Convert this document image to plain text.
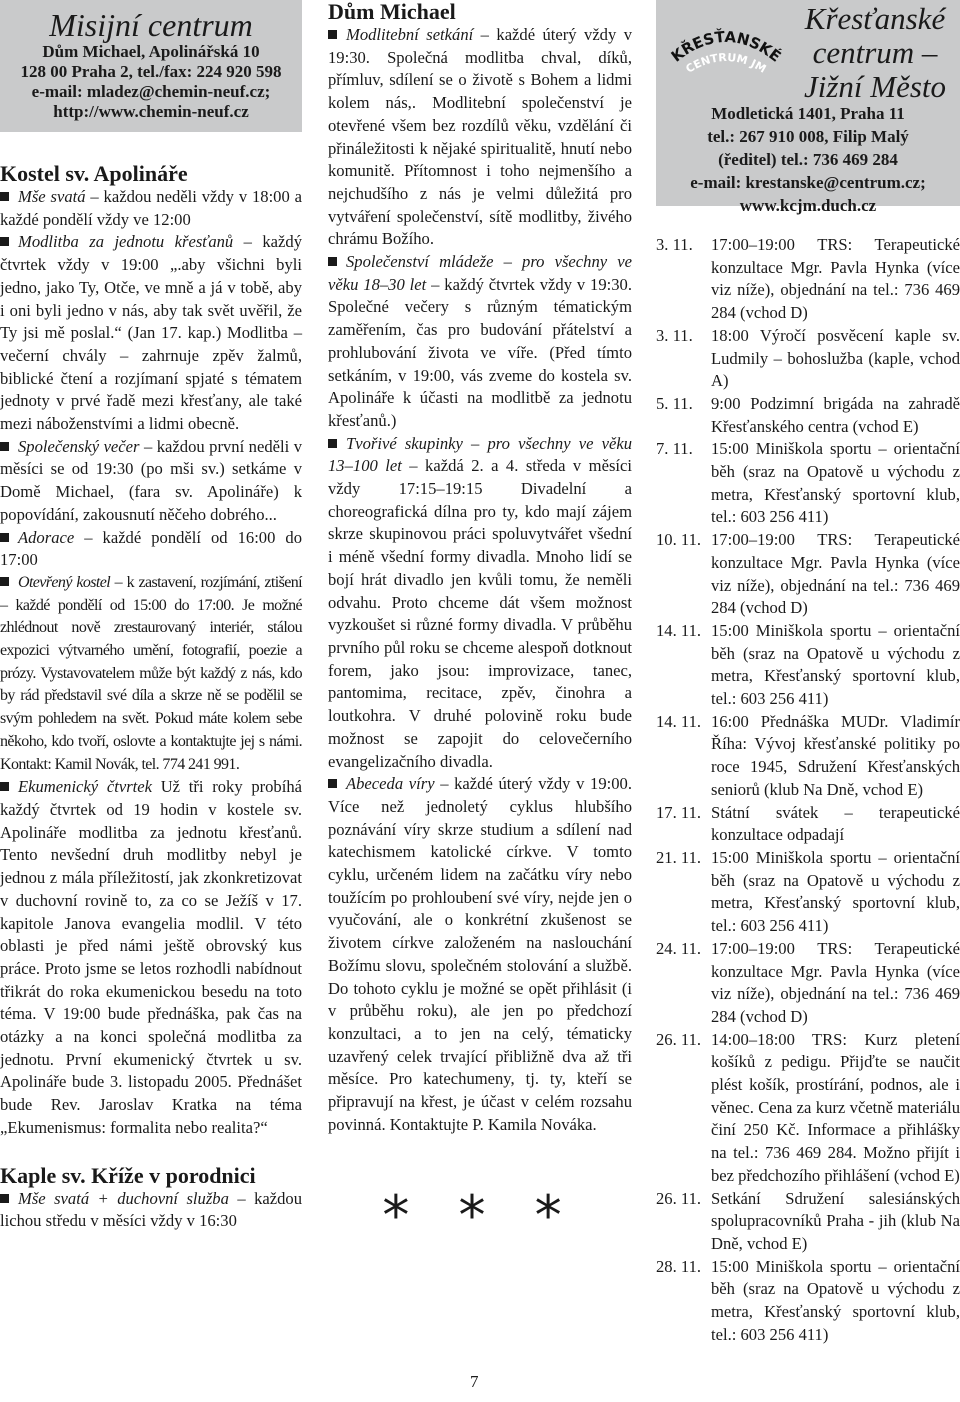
Misijní centrum
Dům Michael, Apolinářská 10
128 00 Praha 2, tel./fax: 224 920 598
e-mail: mladez@chemin-neuf.cz;
http://www.chemin-neuf.cz
Kostel sv. Apolináře

Mše svatá – každou neděli vždy v 18:00 a každé pondělí vždy ve 12:00

Modlitba za jednotu křesťanů – každý čtvrtek vždy v 19:00 „.aby všichni byli jedno, jako Ty, Otče, ve mně a já v tobě, aby i oni byli jedno v nás, aby tak svět uvěřil, že Ty jsi mě poslal.“ (Jan 17. kap.) Modlitba – večerní chvály – zahrnuje zpěv žalmů, biblické čtení a rozjímaní spjaté s tématem jednoty v prvé řadě mezi křesťany, ale také mezi náboženstvími a lidmi obecně.

Společenský večer – každou první neděli v měsíci se od 19:30 (po mši sv.) setkáme v Domě Michael, (fara sv. Apolináře) k popovídání, zakousnutí něčeho dobrého...

Adorace – každé pondělí od 16:00 do 17:00

Otevřený kostel – k zastavení, rozjímání, ztišení – každé pondělí od 15:00 do 17:00. Je možné zhlédnout nově zrestaurovaný interiér, stálou expozici výtvarného umění, fotografií, poezie a prózy. Vystavovatelem může být každý z nás, kdo by rád představil své díla a skrze ně se podělil se svým pohledem na svět. Pokud máte kolem sebe někoho, kdo tvoří, oslovte a kontaktujte jej s námi. Kontakt: Kamil Novák, tel. 774 241 991.

Ekumenický čtvrtek Už tři roky probíhá každý čtvrtek od 19 hodin v kostele sv. Apolináře modlitba za jednotu křesťanů. Tento nevšední druh modlitby nebyl je jednou z mála příležitostí, jak zkonkretizovat v duchovní rovině to, za co se Ježíš v 17. kapitole Janova evangelia modlil. V této oblasti je před námi ještě obrovský kus práce. Proto jsme se letos rozhodli nabídnout třikrát do roka ekumenickou besedu na toto téma. V 19:00 bude přednáška, pak čas na otázky a na konci společná modlitba za jednotu. První ekumenický čtvrtek u sv. Apolináře bude 3. listopadu 2005. Přednášet bude Rev. Jaroslav Kratka na téma „Ekumenismus: formalita nebo realita?“

Kaple sv. Kříže v porodnici

Mše svatá + duchovní služba – každou lichou středu v měsíci vždy v 16:30

Dům Michael

Modlitební setkání – každé úterý vždy v 19:30. Společná modlitba chval, díků, přímluv, sdílení se o životě s Bohem a lidmi kolem nás,. Modlitební společenství je otevřené všem bez rozdílů věku, vzdělání či přináležitosti k nějaké spiritualitě, hnutí nebo komunitě. Přítomnost i toho nejmenšího a nejchudšího z nás je velmi důležitá pro vytváření společenství, sítě modlitby, živého chrámu Božího.

Společenství mládeže – pro všechny ve věku 18–30 let – každý čtvrtek vždy v 19:30. Společné večery s různým tématickým zaměřením, čas pro budování přátelství a prohlubování života ve víře. (Před tímto setkáním, v 19:00, vás zveme do kostela sv. Apolináře k účasti na modlitbě za jednotu křesťanů.)

Tvořivé skupinky – pro všechny ve věku 13–100 let – každá 2. a 4. středa v měsíci vždy 17:15–19:15 Divadelní a choreografická dílna pro ty, kdo mají zájem skrze skupinovou práci spoluvytvářet všední i méně všední formy divadla. Mnoho lidí se bojí hrát divadlo jen kvůli tomu, že neměli odvahu. Proto chceme dát všem možnost vyzkoušet si různé formy divadla. V průběhu prvního půl roku se chceme alespoň dotknout forem, jako jsou: improvizace, tanec, pantomima, recitace, zpěv, činohra a loutkohra. V druhé polovině roku bude možnost se zapojit do celovečerního evangelizačního divadla.

Abeceda víry – každé úterý vždy v 19:00. Více než jednoletý cyklus hlubšího poznávání víry skrze studium a sdílení nad katechismem katolické církve. V tomto cyklu, určeném lidem na začátku víry nebo toužícím po prohloubení své víry, nejde jen o vyučování, ale o konkrétní zkušenost se životem církve založeném na naslouchání Božímu slovu, společném stolování a službě. Do tohoto cyklu je možné se opět přihlásit (i v průběhu roku), ale jen po předchozí konzultaci, a to jen na celý, tématicky uzavřený celek trvající přibližně dva až tři měsíce. Pro katechumeny, tj. ty, kteří se připravují na křest, je účast v celém rozsahu povinná. Kontaktujte P. Kamila Nováka.

* * *
KŘESŤANSKÉ
CENTRUM JM
Křesťanské centrum – Jižní Město
Modletická 1401, Praha 11
tel.: 267 910 008, Filip Malý
(ředitel) tel.: 736 469 284
e-mail: krestanske@centrum.cz;
www.kcjm.duch.cz
3. 11.	17:00–19:00 TRS: Terapeutické konzultace Mgr. Pavla Hynka (více viz níže), objednání na tel.: 736 469 284 (vchod D)
3. 11.	18:00 Výročí posvěcení kaple sv. Ludmily – bohoslužba (kaple, vchod A)
5. 11.	9:00 Podzimní brigáda na zahradě Křesťanského centra (vchod E)
7. 11.	15:00 Miniškola sportu – orientační běh (sraz na Opatově u východu z metra, Křesťanský sportovní klub, tel.: 603 256 411)
10. 11. 17:00–19:00 TRS: Terapeutické konzultace Mgr. Pavla Hynka (více viz níže), objednání na tel.: 736 469 284 (vchod D)
14. 11. 15:00 Miniškola sportu – orientační běh (sraz na Opatově u východu z metra, Křesťanský sportovní klub, tel.: 603 256 411)
14. 11. 16:00 Přednáška MUDr. Vladimír Říha: Vývoj křesťanské politiky po roce 1945, Sdružení Křesťanských seniorů (klub Na Dně, vchod E)
17. 11. Státní svátek – terapeutické konzultace odpadají
21. 11. 15:00 Miniškola sportu – orientační běh (sraz na Opatově u východu z metra, Křesťanský sportovní klub, tel.: 603 256 411)
24. 11. 17:00–19:00 TRS: Terapeutické konzultace Mgr. Pavla Hynka (více viz níže), objednání na tel.: 736 469 284 (vchod D)
26. 11. 14:00–18:00 TRS: Kurz pletení košíků z pedigu. Přijďte se naučit plést košík, prostírání, podnos, ale i věnec. Cena za kurz včetně materiálu činí 250 Kč. Informace a přihlášky na tel.: 736 469 284. Možno přijít i bez předchozího přihlášení (vchod E)
26. 11. Setkání Sdružení salesiánských spolupracovníků Praha - jih (klub Na Dně, vchod E)
28. 11. 15:00 Miniškola sportu – orientační běh (sraz na Opatově u východu z metra, Křesťanský sportovní klub, tel.: 603 256 411)
7
